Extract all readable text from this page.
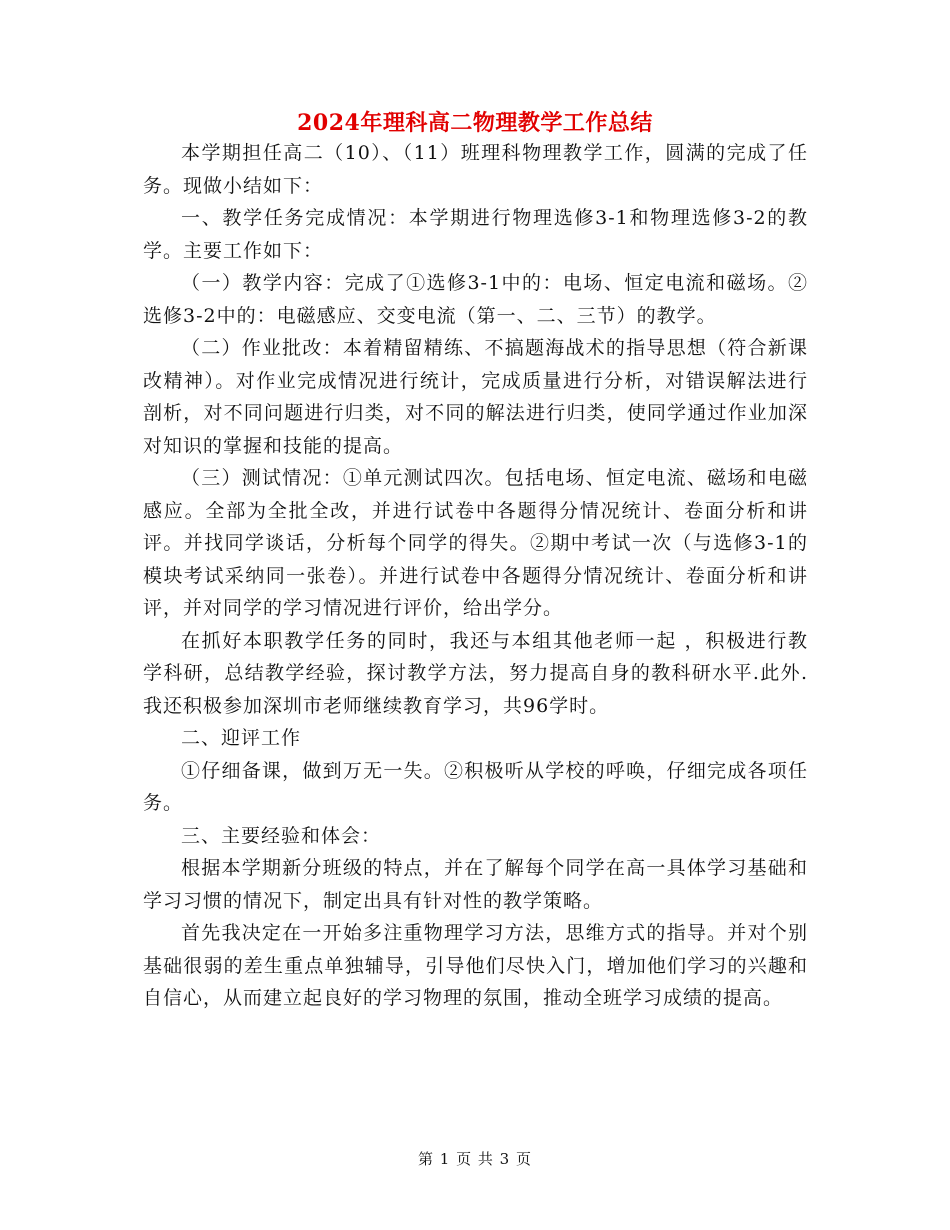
2024年理科高二物理教学工作总结

本学期担任高二（10）、（11）班理科物理教学工作，圆满的完成了任务。现做小结如下：

一、教学任务完成情况：本学期进行物理选修3-1和物理选修3-2的教学。主要工作如下：

（一）教学内容：完成了①选修3-1中的：电场、恒定电流和磁场。②选修3-2中的：电磁感应、交变电流（第一、二、三节）的教学。

（二）作业批改：本着精留精练、不搞题海战术的指导思想（符合新课改精神）。对作业完成情况进行统计，完成质量进行分析，对错误解法进行剖析，对不同问题进行归类，对不同的解法进行归类，使同学通过作业加深对知识的掌握和技能的提高。

（三）测试情况：①单元测试四次。包括电场、恒定电流、磁场和电磁感应。全部为全批全改，并进行试卷中各题得分情况统计、卷面分析和讲评。并找同学谈话，分析每个同学的得失。②期中考试一次（与选修3-1的模块考试采纳同一张卷）。并进行试卷中各题得分情况统计、卷面分析和讲评，并对同学的学习情况进行评价，给出学分。

在抓好本职教学任务的同时，我还与本组其他老师一起 ，积极进行教学科研，总结教学经验，探讨教学方法，努力提高自身的教科研水平.此外.我还积极参加深圳市老师继续教育学习，共96学时。

二、迎评工作

①仔细备课，做到万无一失。②积极听从学校的呼唤，仔细完成各项任务。

三、主要经验和体会：

根据本学期新分班级的特点，并在了解每个同学在高一具体学习基础和学习习惯的情况下，制定出具有针对性的教学策略。

首先我决定在一开始多注重物理学习方法，思维方式的指导。并对个别基础很弱的差生重点单独辅导，引导他们尽快入门，增加他们学习的兴趣和自信心，从而建立起良好的学习物理的氛围，推动全班学习成绩的提高。

第 1 页 共 3 页
